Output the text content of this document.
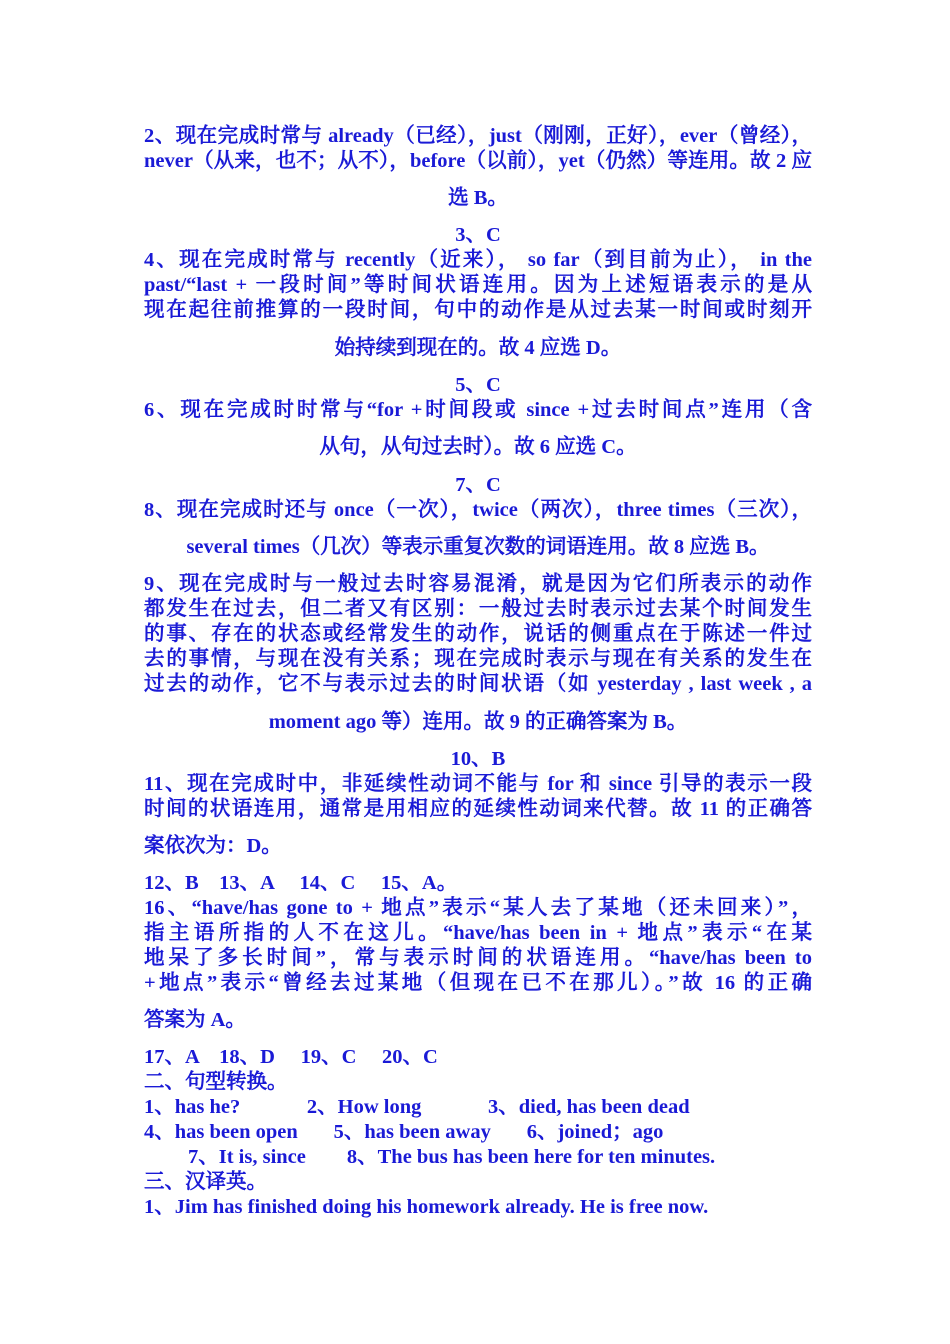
2、现在完成时常与 already（已经），just（刚刚，正好），ever（曾经），
never（从来，也不；从不），before（以前），yet（仍然）等连用。故 2 应
选 B。
3、C
4、现在完成时常与 recently（近来）， so far（到目前为止）， in the
past/“last + 一段时间”等时间状语连用。因为上述短语表示的是从
现在起往前推算的一段时间，句中的动作是从过去某一时间或时刻开
始持续到现在的。故 4 应选 D。
5、C
6、现在完成时时常与“for +时间段或 since +过去时间点”连用（含
从句，从句过去时）。故 6 应选 C。
7、C
8、现在完成时还与 once（一次），twice（两次），three times（三次），
several times（几次）等表示重复次数的词语连用。故 8 应选 B。
9、现在完成时与一般过去时容易混淆，就是因为它们所表示的动作
都发生在过去，但二者又有区别：一般过去时表示过去某个时间发生
的事、存在的状态或经常发生的动作，说话的侧重点在于陈述一件过
去的事情，与现在没有关系；现在完成时表示与现在有关系的发生在
过去的动作，它不与表示过去的时间状语（如 yesterday , last week , a
moment ago 等）连用。故 9 的正确答案为 B。
10、B
11、现在完成时中，非延续性动词不能与 for 和 since 引导的表示一段
时间的状语连用，通常是用相应的延续性动词来代替。故 11 的正确答
案依次为：D。
12、B    13、A     14、C     15、A。
16、“have/has gone to + 地点”表示“某人去了某地（还未回来）”，
指主语所指的人不在这儿。“have/has been in + 地点”表示“在某
地呆了多长时间”，常与表示时间的状语连用。“have/has been to
+地点”表示“曾经去过某地（但现在已不在那儿）。”故 16 的正确
答案为 A。
17、A    18、D     19、C     20、C
二、句型转换。
1、has he?             2、How long             3、died, has been dead
4、has been open       5、has been away       6、joined；ago
7、It is, since        8、The bus has been here for ten minutes.
三、汉译英。
1、Jim has finished doing his homework already. He is free now.
